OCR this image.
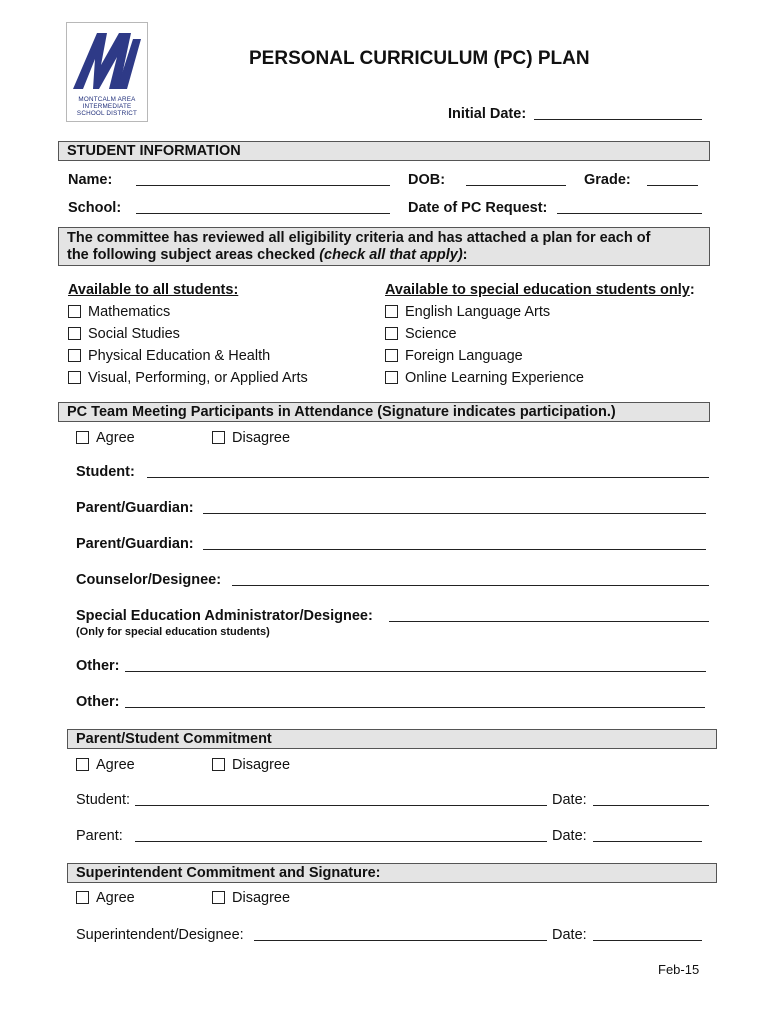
MONTCALM AREA
INTERMEDIATE
SCHOOL DISTRICT
PERSONAL CURRICULUM (PC) PLAN
Initial Date:
STUDENT INFORMATION
Name:	DOB:	Grade:
School:	Date of PC Request:
The committee has reviewed all eligibility criteria and has attached a plan for each of
the following subject areas checked (check all that apply):
Available to all students:
Mathematics
Social Studies
Physical Education & Health
Visual, Performing, or Applied Arts
Available to special education students only:
English Language Arts
Science
Foreign Language
Online Learning Experience
PC Team Meeting Participants in Attendance (Signature indicates participation.)
Agree	Disagree
Student:
Parent/Guardian:
Parent/Guardian:
Counselor/Designee:
Special Education Administrator/Designee:
(Only for special education students)
Other:
Other:
Parent/Student Commitment
Agree	Disagree
Student:	Date:
Parent:	Date:
Superintendent Commitment and Signature:
Agree	Disagree
Superintendent/Designee:	Date:
Feb-15
